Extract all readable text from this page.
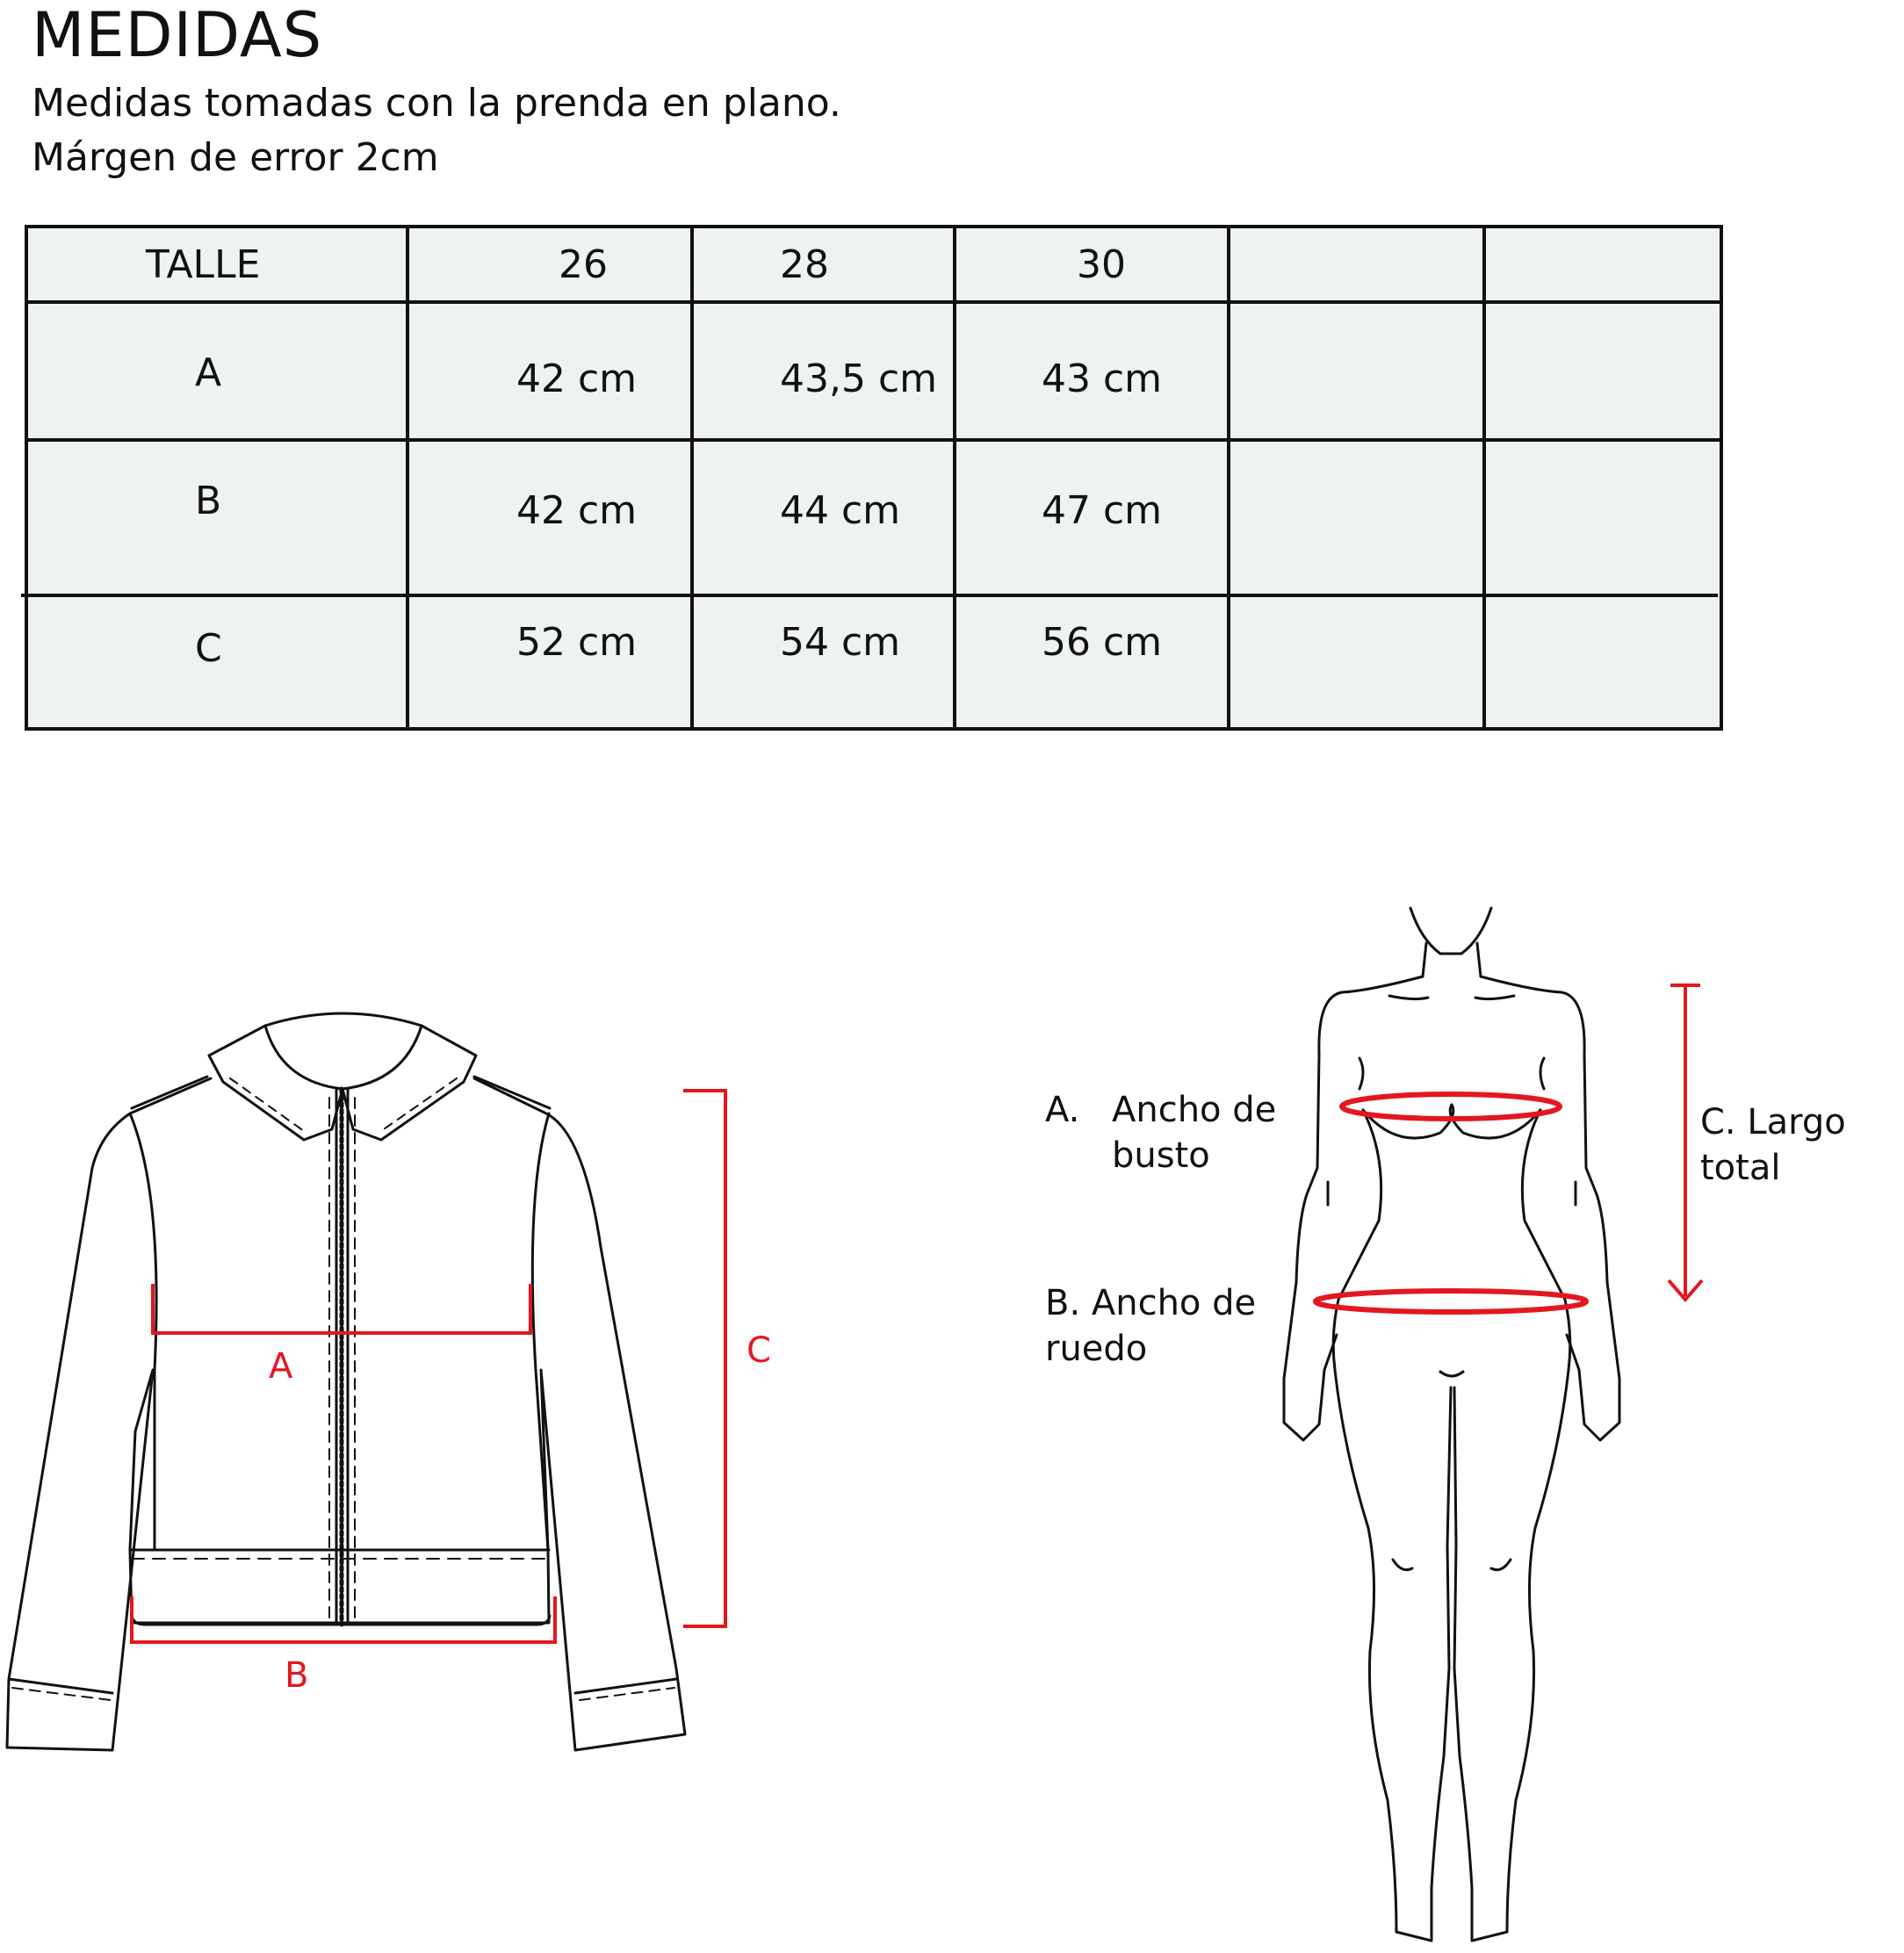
MEDIDAS
Medidas tomadas con la prenda en plano.
Márgen de error 2cm
TALLE	26	28	30
A	42 cm	43,5 cm	43 cm
B	42 cm	44 cm	47 cm
C	52 cm	54 cm	56 cm
A
B
C
A. Ancho de
busto
B. Ancho de
ruedo
C. Largo
total
